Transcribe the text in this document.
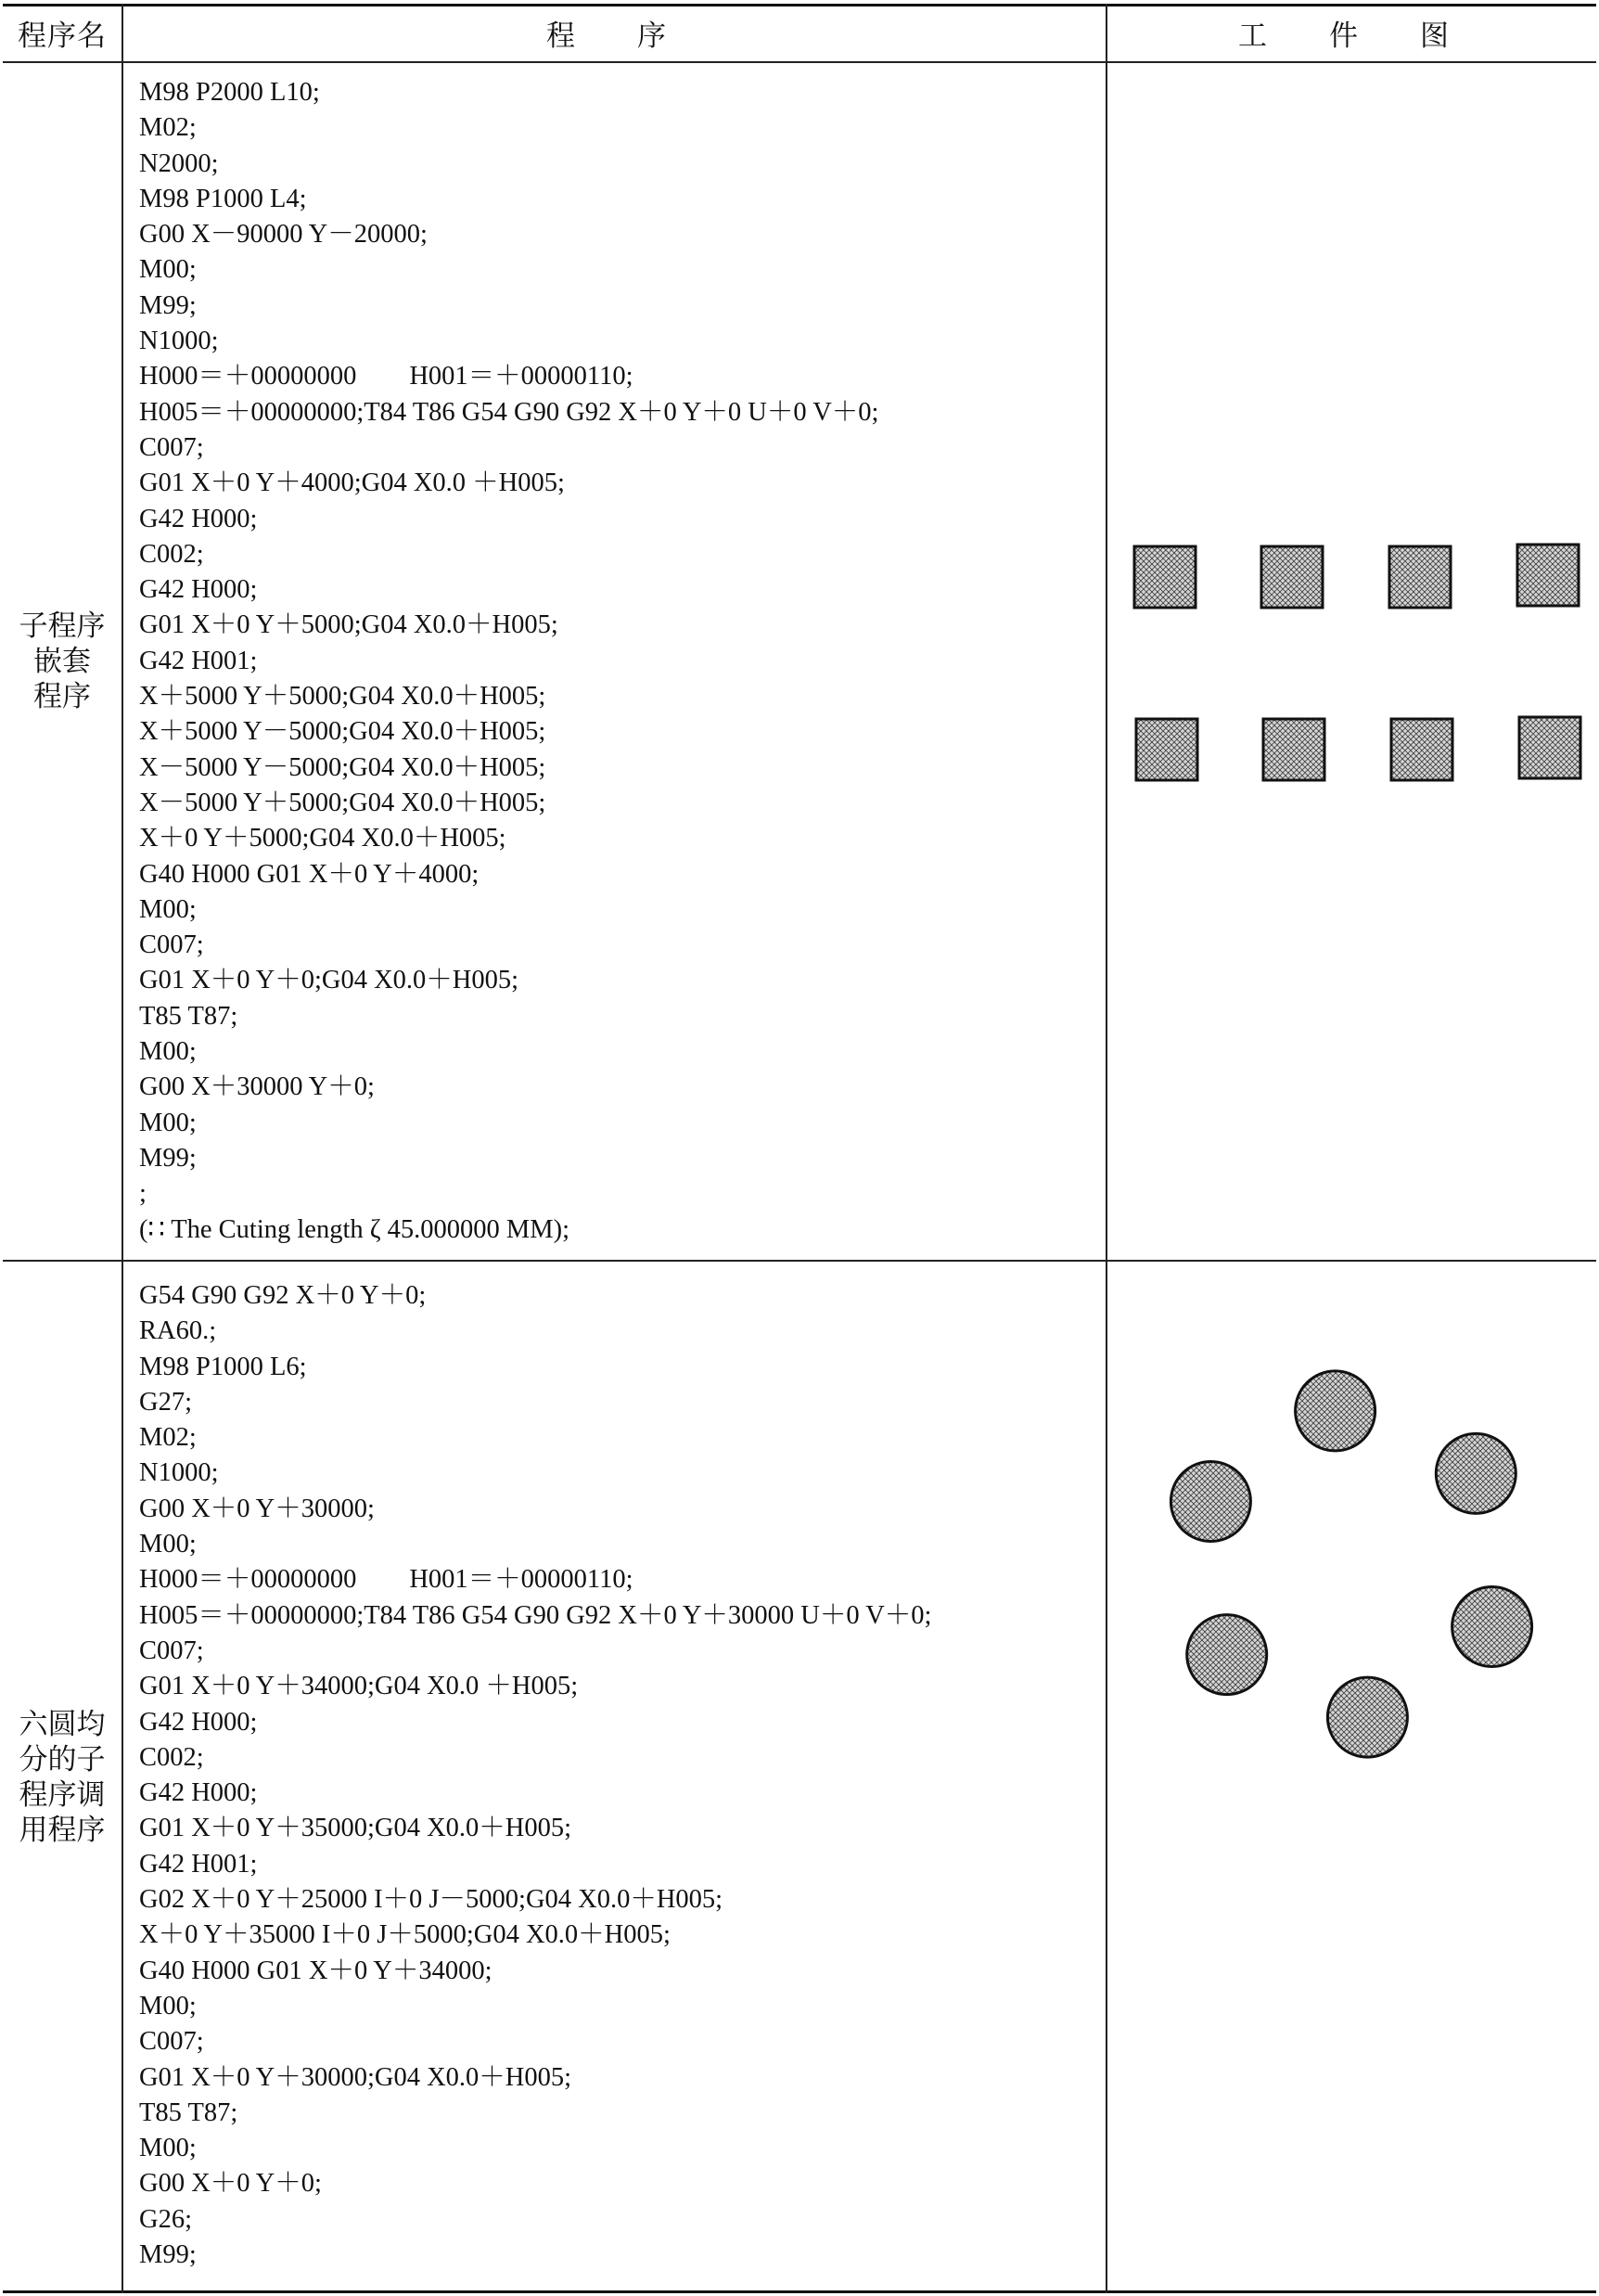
程序名	程　序	工　件　图
子程序
嵌套
程序
M98 P2000 L10;
M02;
N2000;
M98 P1000 L4;
G00 X－90000 Y－20000;
M00;
M99;
N1000;
H000＝＋00000000　　H001＝＋00000110;
H005＝＋00000000;T84 T86 G54 G90 G92 X＋0 Y＋0 U＋0 V＋0;
C007;
G01 X＋0 Y＋4000;G04 X0.0 ＋H005;
G42 H000;
C002;
G42 H000;
G01 X＋0 Y＋5000;G04 X0.0＋H005;
G42 H001;
X＋5000 Y＋5000;G04 X0.0＋H005;
X＋5000 Y－5000;G04 X0.0＋H005;
X－5000 Y－5000;G04 X0.0＋H005;
X－5000 Y＋5000;G04 X0.0＋H005;
X＋0 Y＋5000;G04 X0.0＋H005;
G40 H000 G01 X＋0 Y＋4000;
M00;
C007;
G01 X＋0 Y＋0;G04 X0.0＋H005;
T85 T87;
M00;
G00 X＋30000 Y＋0;
M00;
M99;
;
(∷ The Cuting length ζ 45.000000 MM);
六圆均
分的子
程序调
用程序
G54 G90 G92 X＋0 Y＋0;
RA60.;
M98 P1000 L6;
G27;
M02;
N1000;
G00 X＋0 Y＋30000;
M00;
H000＝＋00000000　　H001＝＋00000110;
H005＝＋00000000;T84 T86 G54 G90 G92 X＋0 Y＋30000 U＋0 V＋0;
C007;
G01 X＋0 Y＋34000;G04 X0.0 ＋H005;
G42 H000;
C002;
G42 H000;
G01 X＋0 Y＋35000;G04 X0.0＋H005;
G42 H001;
G02 X＋0 Y＋25000 I＋0 J－5000;G04 X0.0＋H005;
X＋0 Y＋35000 I＋0 J＋5000;G04 X0.0＋H005;
G40 H000 G01 X＋0 Y＋34000;
M00;
C007;
G01 X＋0 Y＋30000;G04 X0.0＋H005;
T85 T87;
M00;
G00 X＋0 Y＋0;
G26;
M99;
